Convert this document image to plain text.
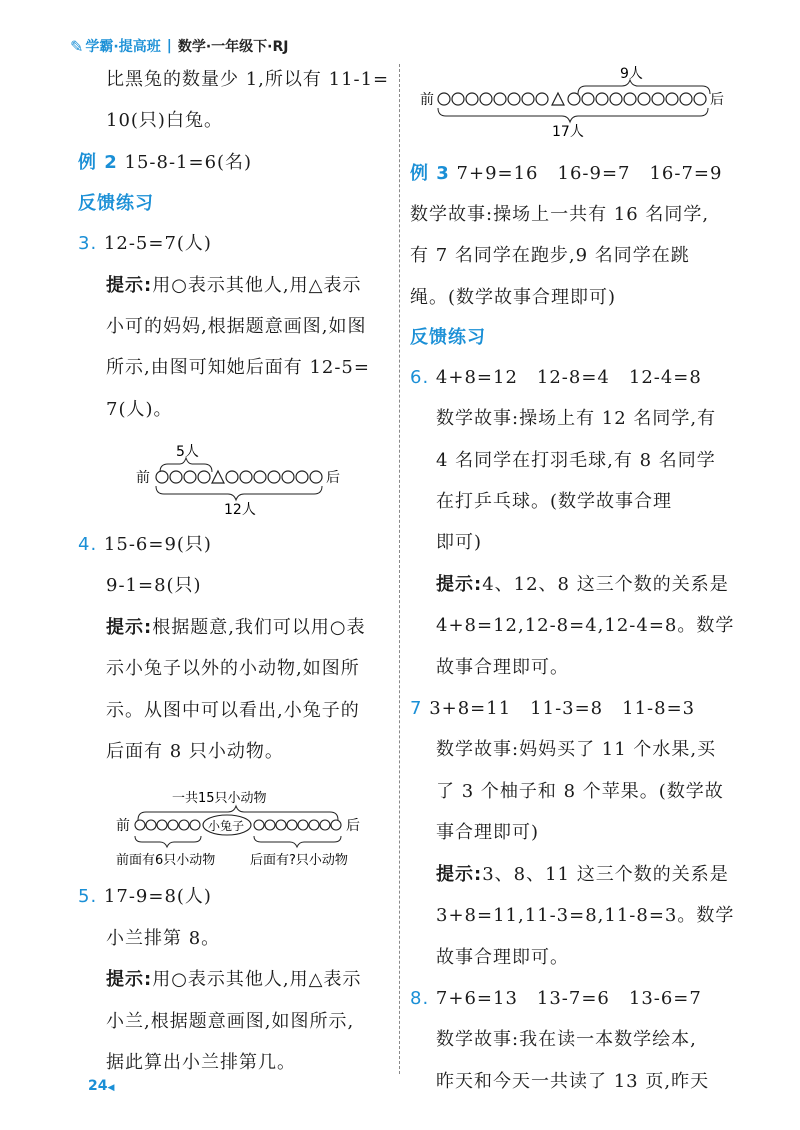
✎ 学霸·提高班 | 数学·一年级下·RJ
比黑兔的数量少 1,所以有 11-1=
10(只)白兔。
例 2 15-8-1=6(名)
反馈练习
3. 12-5=7(人)
提示:用○表示其他人,用△表示
小可的妈妈,根据题意画图,如图
所示,由图可知她后面有 12-5=
7(人)。
5人
前	后
12人
4. 15-6=9(只)
9-1=8(只)
提示:根据题意,我们可以用○表
示小兔子以外的小动物,如图所
示。从图中可以看出,小兔子的
后面有 8 只小动物。
一共15只小动物
前	小兔子	后
前面有6只小动物	后面有?只小动物
5. 17-9=8(人)
小兰排第 8。
提示:用○表示其他人,用△表示
小兰,根据题意画图,如图所示,
据此算出小兰排第几。
9人
前	后
17人
例 3 7+9=16　16-9=7　16-7=9
数学故事:操场上一共有 16 名同学,
有 7 名同学在跑步,9 名同学在跳
绳。(数学故事合理即可)
反馈练习
6. 4+8=12　12-8=4　12-4=8
数学故事:操场上有 12 名同学,有
4 名同学在打羽毛球,有 8 名同学
在打乒乓球。(数学故事合理
即可)
提示:4、12、8 这三个数的关系是
4+8=12,12-8=4,12-4=8。数学
故事合理即可。
7 3+8=11　11-3=8　11-8=3
数学故事:妈妈买了 11 个水果,买
了 3 个柚子和 8 个苹果。(数学故
事合理即可)
提示:3、8、11 这三个数的关系是
3+8=11,11-3=8,11-8=3。数学
故事合理即可。
8. 7+6=13　13-7=6　13-6=7
数学故事:我在读一本数学绘本,
昨天和今天一共读了 13 页,昨天
24◀
